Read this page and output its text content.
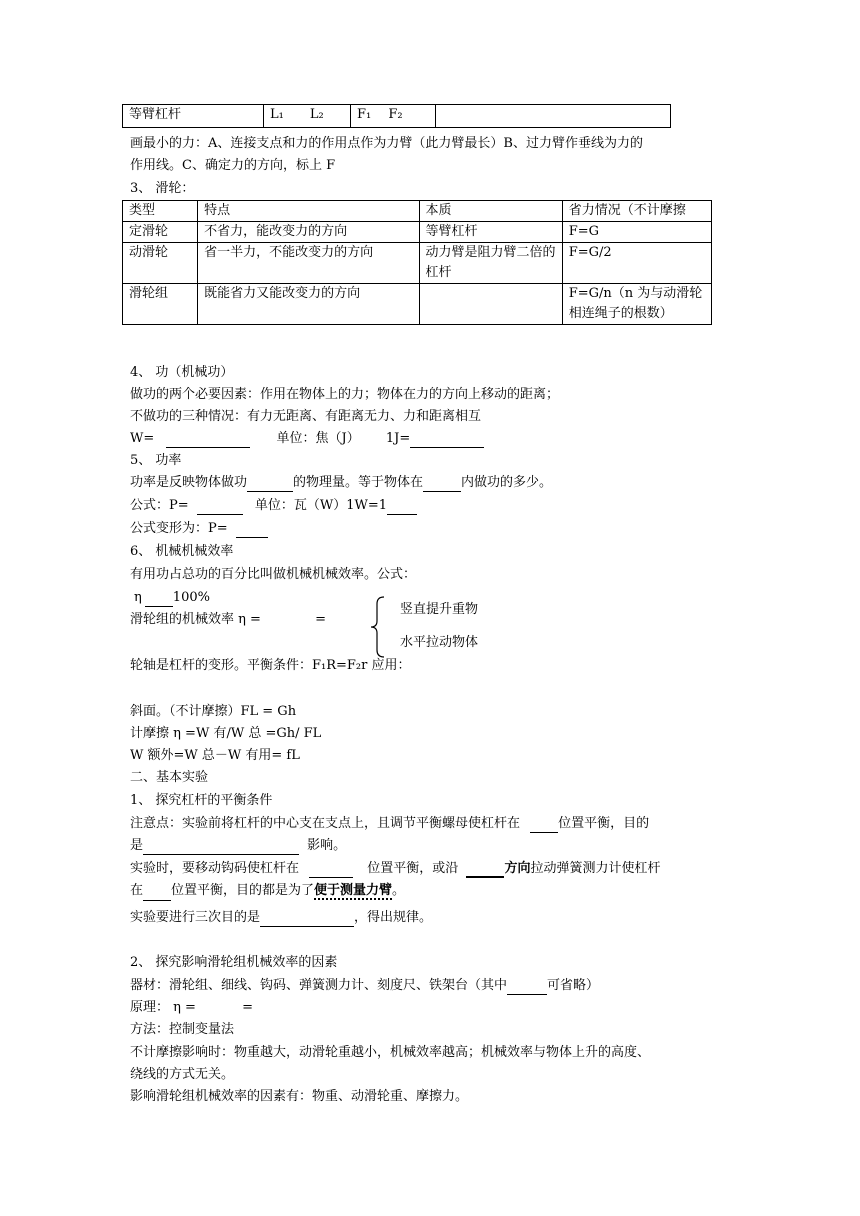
等臂杠杆	L₁　　L₂	F₁　 F₂	
画最小的力：A、连接支点和力的作用点作为力臂（此力臂最长）B、过力臂作垂线为力的
作用线。C、确定力的方向，标上 F
3、 滑轮：
类型	特点	本质	省力情况（不计摩擦
定滑轮	不省力，能改变力的方向	等臂杠杆	F=G
动滑轮	省一半力，不能改变力的方向	动力臂是阻力臂二倍的杠杆	F=G/2
滑轮组	既能省力又能改变力的方向		F=G/n（n 为与动滑轮相连绳子的根数）
4、 功（机械功）
做功的两个必要因素：作用在物体上的力；物体在力的方向上移动的距离；
不做功的三种情况：有力无距离、有距离无力、力和距离相互
W=	单位：焦（J） 1J=
5、 功率
功率是反映物体做功	的物理量。等于物体在	内做功的多少。
公式：P=	单位：瓦（W）1W=1
公式变形为：P=
6、 机械机械效率
有用功占总功的百分比叫做机械机械效率。公式：
η 100%
滑轮组的机械效率 η =	=
竖直提升重物
水平拉动物体
轮轴是杠杆的变形。平衡条件：F₁R=F₂r 应用：
斜面。（不计摩擦）FL = Gh
计摩擦 η =W 有/W 总 =Gh/ FL
W 额外=W 总－W 有用= fL
二、基本实验
1、 探究杠杆的平衡条件
注意点：实验前将杠杆的中心支在支点上，且调节平衡螺母使杠杆在	位置平衡，目的
是	影响。
实验时，要移动钩码使杠杆在	位置平衡，或沿	方向拉动弹簧测力计使杠杆
在 位置平衡，目的都是为了便于测量力臂。
实验要进行三次目的是	，得出规律。
2、 探究影响滑轮组机械效率的因素
器材：滑轮组、细线、钩码、弹簧测力计、刻度尺、铁架台（其中	可省略）
原理： η =	=
方法：控制变量法
不计摩擦影响时：物重越大，动滑轮重越小，机械效率越高；机械效率与物体上升的高度、
绕线的方式无关。
影响滑轮组机械效率的因素有：物重、动滑轮重、摩擦力。
